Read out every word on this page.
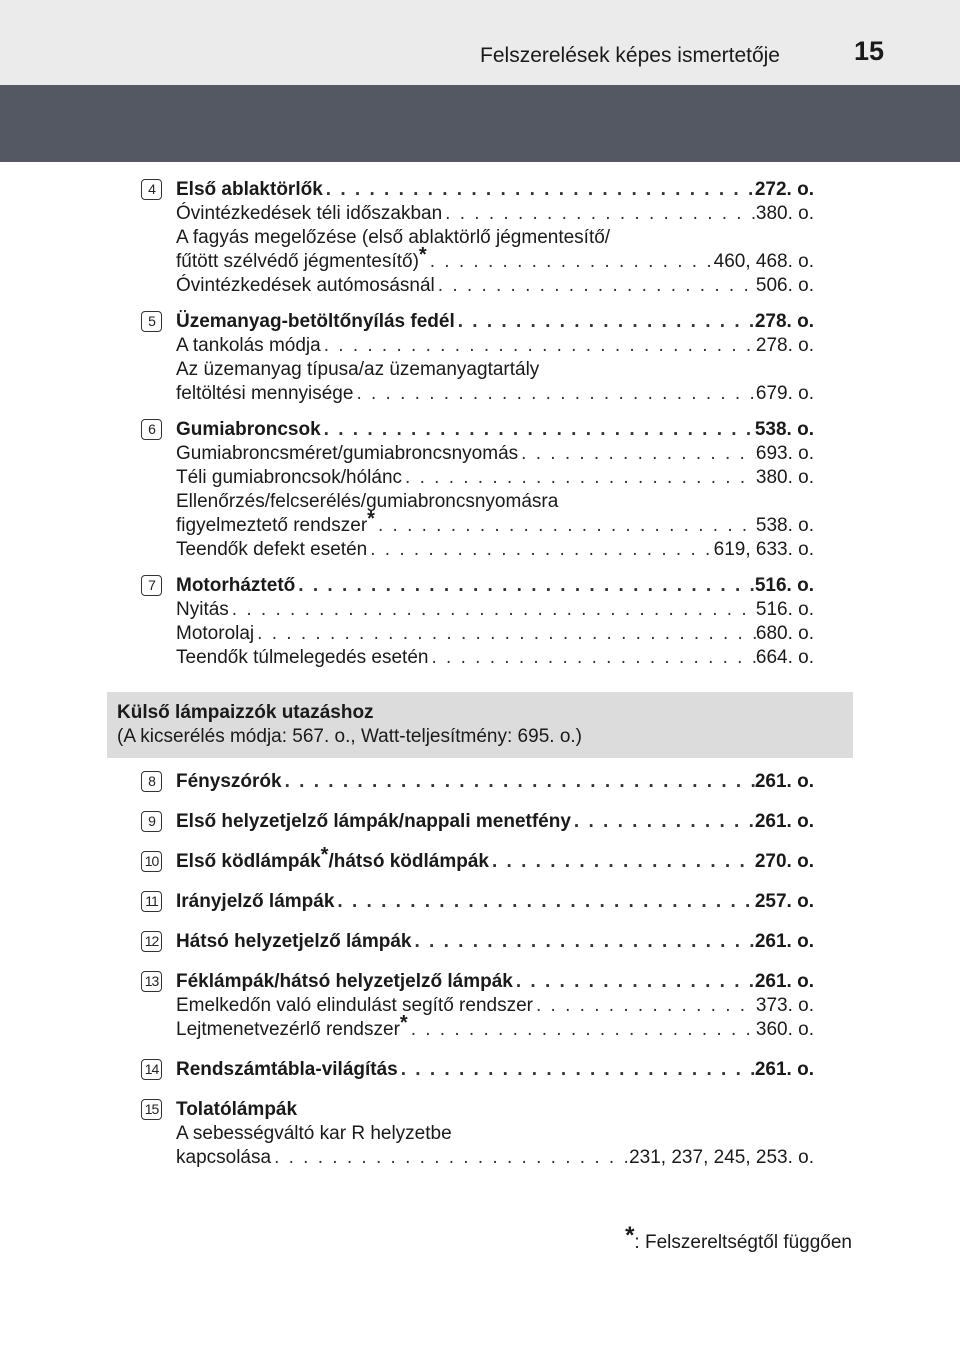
Felszerelések képes ismertetője	15
4	Első ablaktörlők . . .	272. o.
Óvintézkedések téli időszakban . . .	380. o.
A fagyás megelőzése (első ablaktörlő jégmentesítő/
fűtött szélvédő jégmentesítő)* . . .	460, 468. o.
Óvintézkedések autómosásnál . . .	506. o.
5	Üzemanyag-betöltőnyílás fedél . . .	278. o.
A tankolás módja . . .	278. o.
Az üzemanyag típusa/az üzemanyagtartály
feltöltési mennyisége . . .	679. o.
6	Gumiabroncsok . . .	538. o.
Gumiabroncsméret/gumiabroncsnyomás . . .	693. o.
Téli gumiabroncsok/hólánc . . .	380. o.
Ellenőrzés/felcserélés/gumiabroncsnyomásra
figyelmeztető rendszer* . . .	538. o.
Teendők defekt esetén . . .	619, 633. o.
7	Motorháztető . . .	516. o.
Nyitás . . .	516. o.
Motorolaj . . .	680. o.
Teendők túlmelegedés esetén . . .	664. o.
Külső lámpaizzók utazáshoz
(A kicserélés módja: 567. o., Watt-teljesítmény: 695. o.)
8	Fényszórók . . .	261. o.
9	Első helyzetjelző lámpák/nappali menetfény . . .	261. o.
10 Első ködlámpák*/hátsó ködlámpák . . .	270. o.
11 Irányjelző lámpák . . .	257. o.
12 Hátsó helyzetjelző lámpák . . .	261. o.
13 Féklámpák/hátsó helyzetjelző lámpák . . .	261. o.
Emelkedőn való elindulást segítő rendszer . . .	373. o.
Lejtmenetvezérlő rendszer* . . .	360. o.
14 Rendszámtábla-világítás . . .	261. o.
15 Tolatólámpák
A sebességváltó kar R helyzetbe
kapcsolása . . .	231, 237, 245, 253. o.
*: Felszereltségtől függően
